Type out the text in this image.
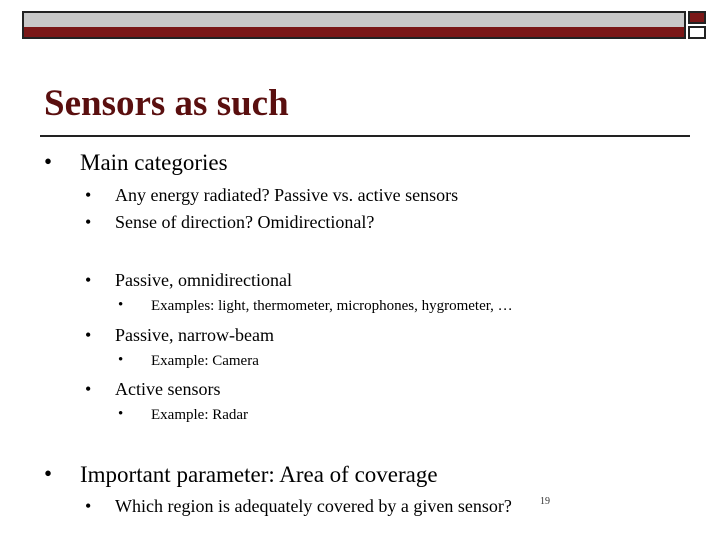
Sensors as such
• Main categories
• Any energy radiated? Passive vs. active sensors
• Sense of direction? Omidirectional?
• Passive, omnidirectional
• Examples: light, thermometer, microphones, hygrometer, …
• Passive, narrow-beam
• Example: Camera
• Active sensors
• Example: Radar
• Important parameter: Area of coverage
• Which region is adequately covered by a given sensor?	19
